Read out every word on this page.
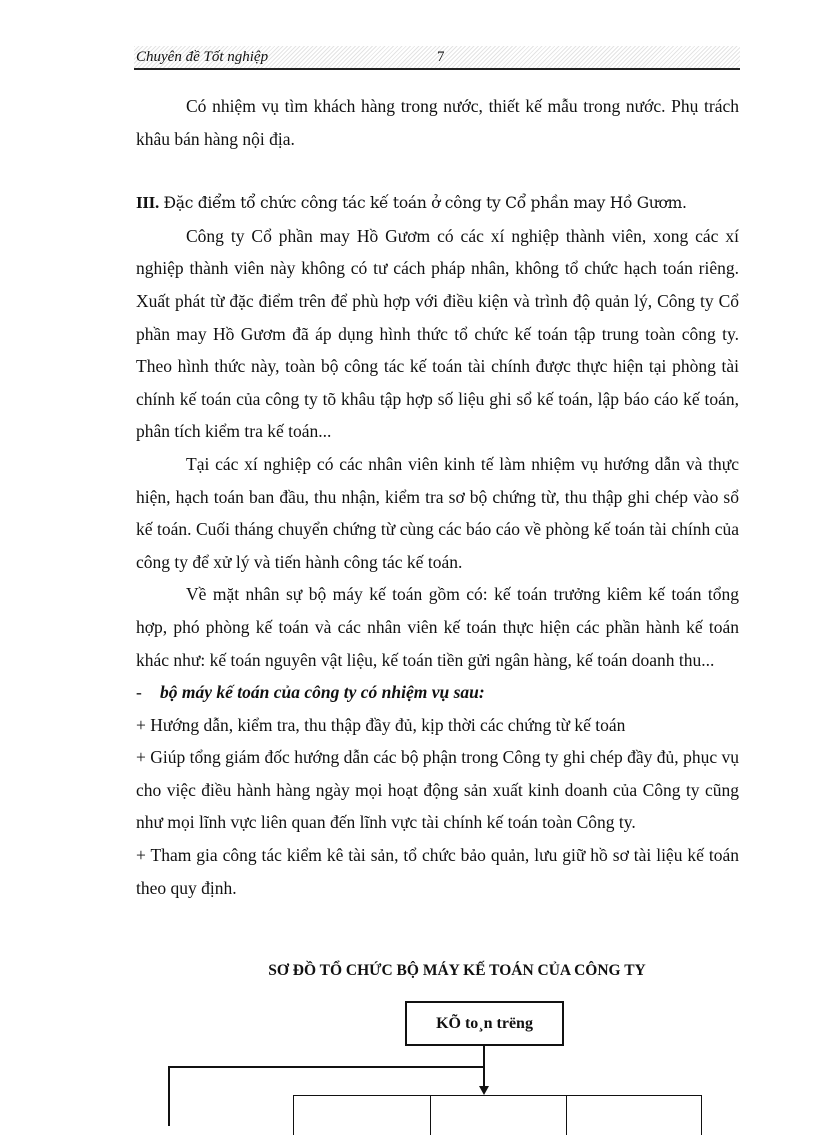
Chuyên đề Tốt nghiệp	7

Có nhiệm vụ tìm khách hàng trong nước, thiết kế mẫu trong nước. Phụ trách khâu bán hàng nội địa.

III. Đặc điểm tổ chức công tác kế toán ở công ty Cổ phần may Hồ Gươm.

Công ty Cổ phần may Hồ Gươm có các xí nghiệp thành viên, xong các xí nghiệp thành viên này không có tư cách pháp nhân, không tổ chức hạch toán riêng. Xuất phát từ đặc điểm trên để phù hợp với điều kiện và trình độ quản lý, Công ty Cổ phần may Hồ Gươm đã áp dụng hình thức tổ chức kế toán tập trung toàn công ty. Theo hình thức này, toàn bộ công tác kế toán tài chính được thực hiện tại phòng tài chính kế toán của công ty tõ khâu tập hợp số liệu ghi sổ kế toán, lập báo cáo kế toán, phân tích kiểm tra kế toán...

Tại các xí nghiệp có các nhân viên kinh tế làm nhiệm vụ hướng dẫn và thực hiện, hạch toán ban đầu, thu nhận, kiểm tra sơ bộ chứng từ, thu thập ghi chép vào sổ kế toán. Cuối tháng chuyển chứng từ cùng các báo cáo về phòng kế toán tài chính của công ty để xử lý và tiến hành công tác kế toán.

Về mặt nhân sự bộ máy kế toán gồm có: kế toán trưởng kiêm kế toán tổng hợp, phó phòng kế toán và các nhân viên kế toán thực hiện các phần hành kế toán khác như: kế toán nguyên vật liệu, kế toán tiền gửi ngân hàng, kế toán doanh thu...

- bộ máy kế toán của công ty có nhiệm vụ sau:

+ Hướng dẫn, kiểm tra, thu thập đầy đủ, kịp thời các chứng từ kế toán

+ Giúp tổng giám đốc hướng dẫn các bộ phận trong Công ty ghi chép đầy đủ, phục vụ cho việc điều hành hàng ngày mọi hoạt động sản xuất kinh doanh của Công ty cũng như mọi lĩnh vực liên quan đến lĩnh vực tài chính kế toán toàn Công ty.

+ Tham gia công tác kiểm kê tài sản, tổ chức bảo quản, lưu giữ hồ sơ tài liệu kế toán theo quy định.

SƠ ĐỒ TỔ CHỨC BỘ MÁY KẾ TOÁN CỦA CÔNG TY
KÕ to¸n trëng
